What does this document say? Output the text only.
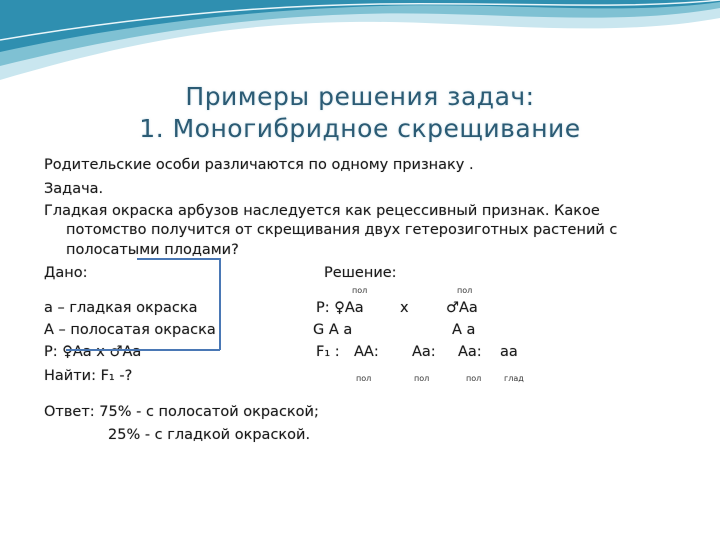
Примеры решения задач:
1. Моногибридное скрещивание
Родительские особи различаются по одному признаку .
Задача.
Гладкая окраска арбузов наследуется как рецессивный признак. Какое
потомство получится от скрещивания двух гетерозиготных растений с
полосатыми плодами?
Дано:	Решение:
пол	пол
а – гладкая окраска
А – полосатая окраска
Р: ♀Аа х ♂Аа
Найти: F₁ -?
Р: ♀Аа	х	♂Аа
G А а	А а
F₁ : АА: Аа: Аа: аа
пол	пол	пол	глад
Ответ: 75% - с полосатой окраской;
25% - с гладкой окраской.
